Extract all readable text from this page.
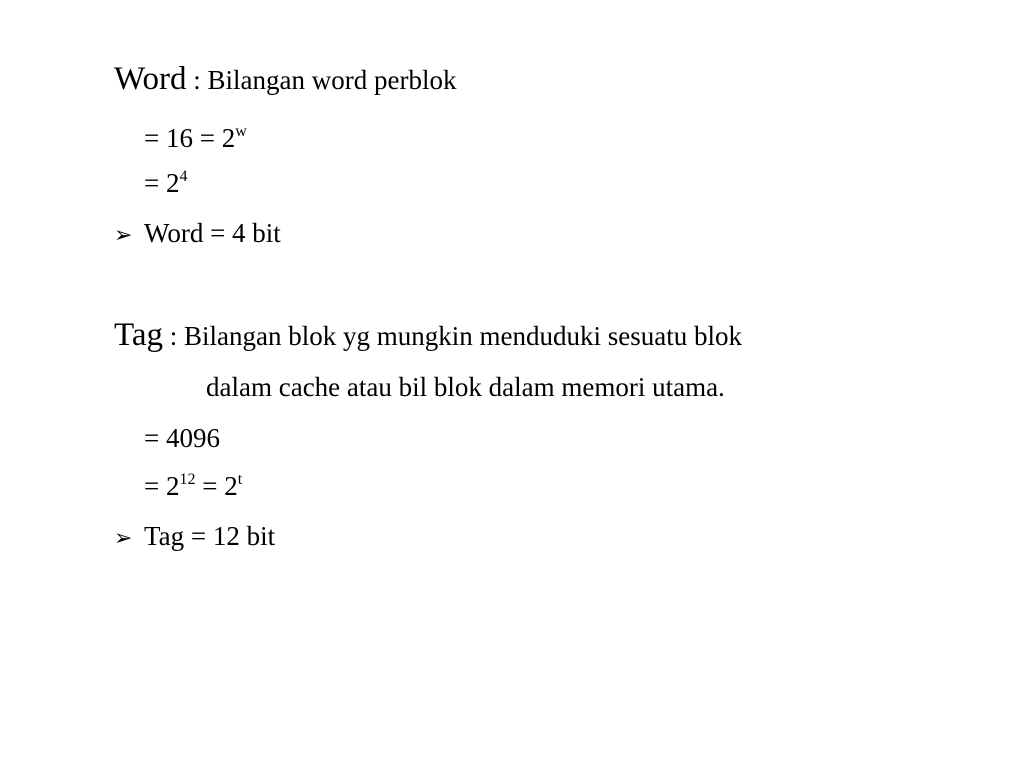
Word : Bilangan word perblok
= $16 = 2^w$
= $2^4$
➢ Word = 4 bit
Tag : Bilangan blok yg mungkin menduduki sesuatu blok
dalam cache atau bil blok dalam memori utama.
= 4096
= $2^{12} = 2^t$
➢ Tag = 12 bit
